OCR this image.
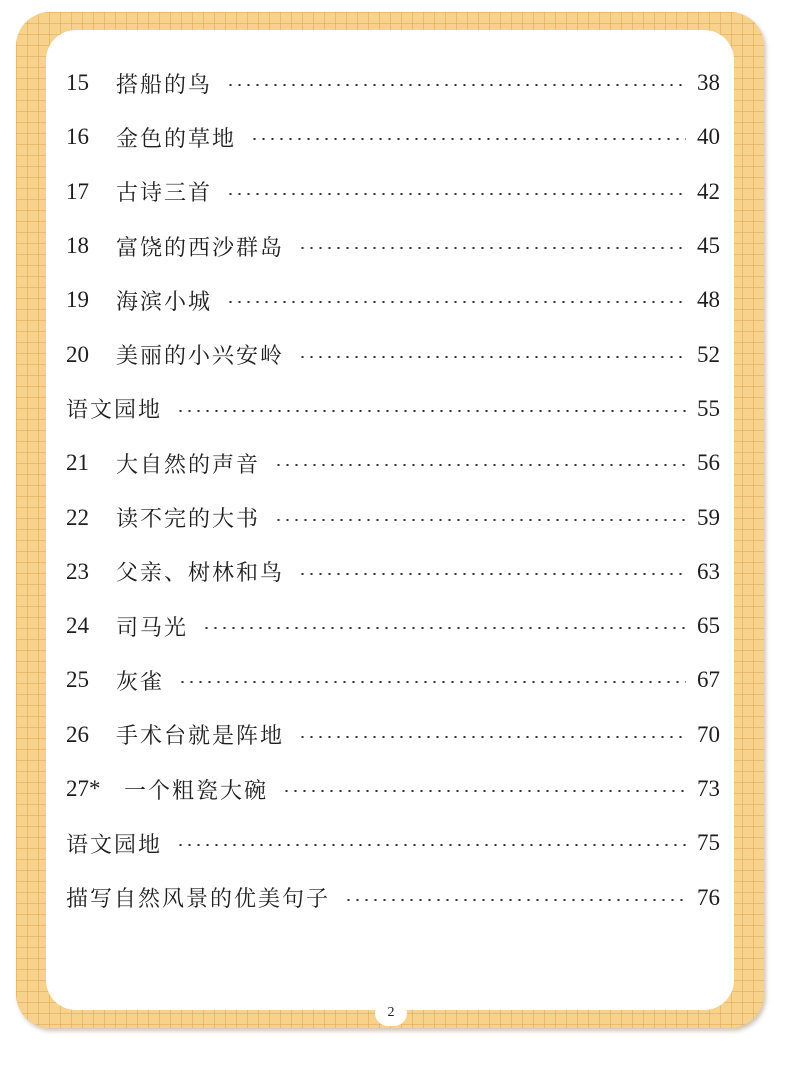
15	搭船的鸟	38
16	金色的草地	40
17	古诗三首	42
18	富饶的西沙群岛	45
19	海滨小城	48
20	美丽的小兴安岭	52
语文园地	55
21	大自然的声音	56
22	读不完的大书	59
23	父亲、树林和鸟	63
24	司马光	65
25	灰雀	67
26	手术台就是阵地	70
27*	一个粗瓷大碗	73
语文园地	75
描写自然风景的优美句子	76
2
